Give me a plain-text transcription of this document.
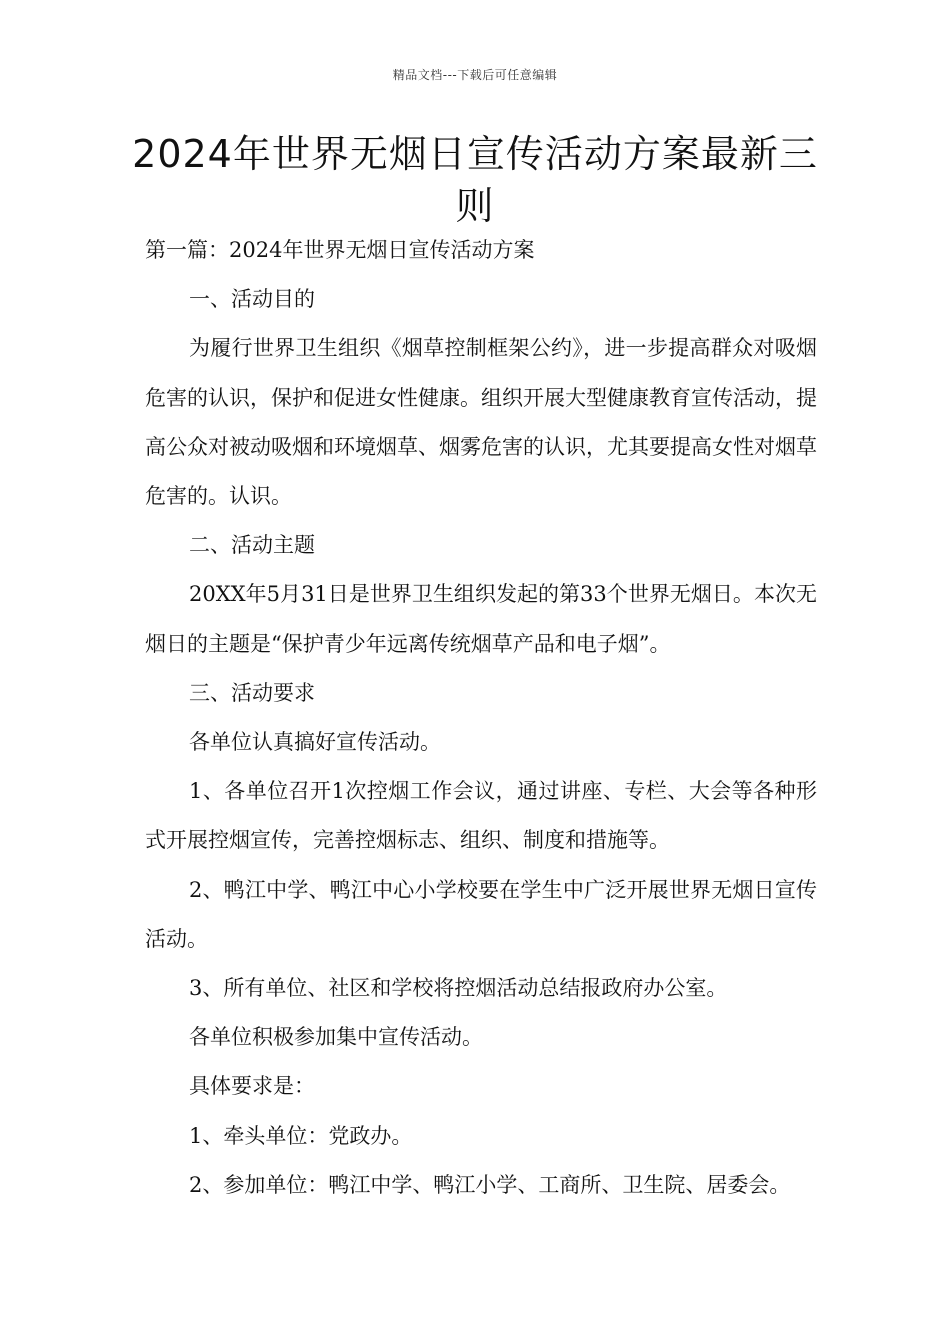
精品文档---下载后可任意编辑
2024年世界无烟日宣传活动方案最新三则

第一篇：2024年世界无烟日宣传活动方案

一、活动目的

为履行世界卫生组织《烟草控制框架公约》，进一步提高群众对吸烟危害的认识，保护和促进女性健康。组织开展大型健康教育宣传活动，提高公众对被动吸烟和环境烟草、烟雾危害的认识，尤其要提高女性对烟草危害的。认识。

二、活动主题

20XX年5月31日是世界卫生组织发起的第33个世界无烟日。本次无烟日的主题是“保护青少年远离传统烟草产品和电子烟”。

三、活动要求

各单位认真搞好宣传活动。

1、各单位召开1次控烟工作会议，通过讲座、专栏、大会等各种形式开展控烟宣传，完善控烟标志、组织、制度和措施等。

2、鸭江中学、鸭江中心小学校要在学生中广泛开展世界无烟日宣传活动。

3、所有单位、社区和学校将控烟活动总结报政府办公室。

各单位积极参加集中宣传活动。

具体要求是：

1、牵头单位：党政办。

2、参加单位：鸭江中学、鸭江小学、工商所、卫生院、居委会。
